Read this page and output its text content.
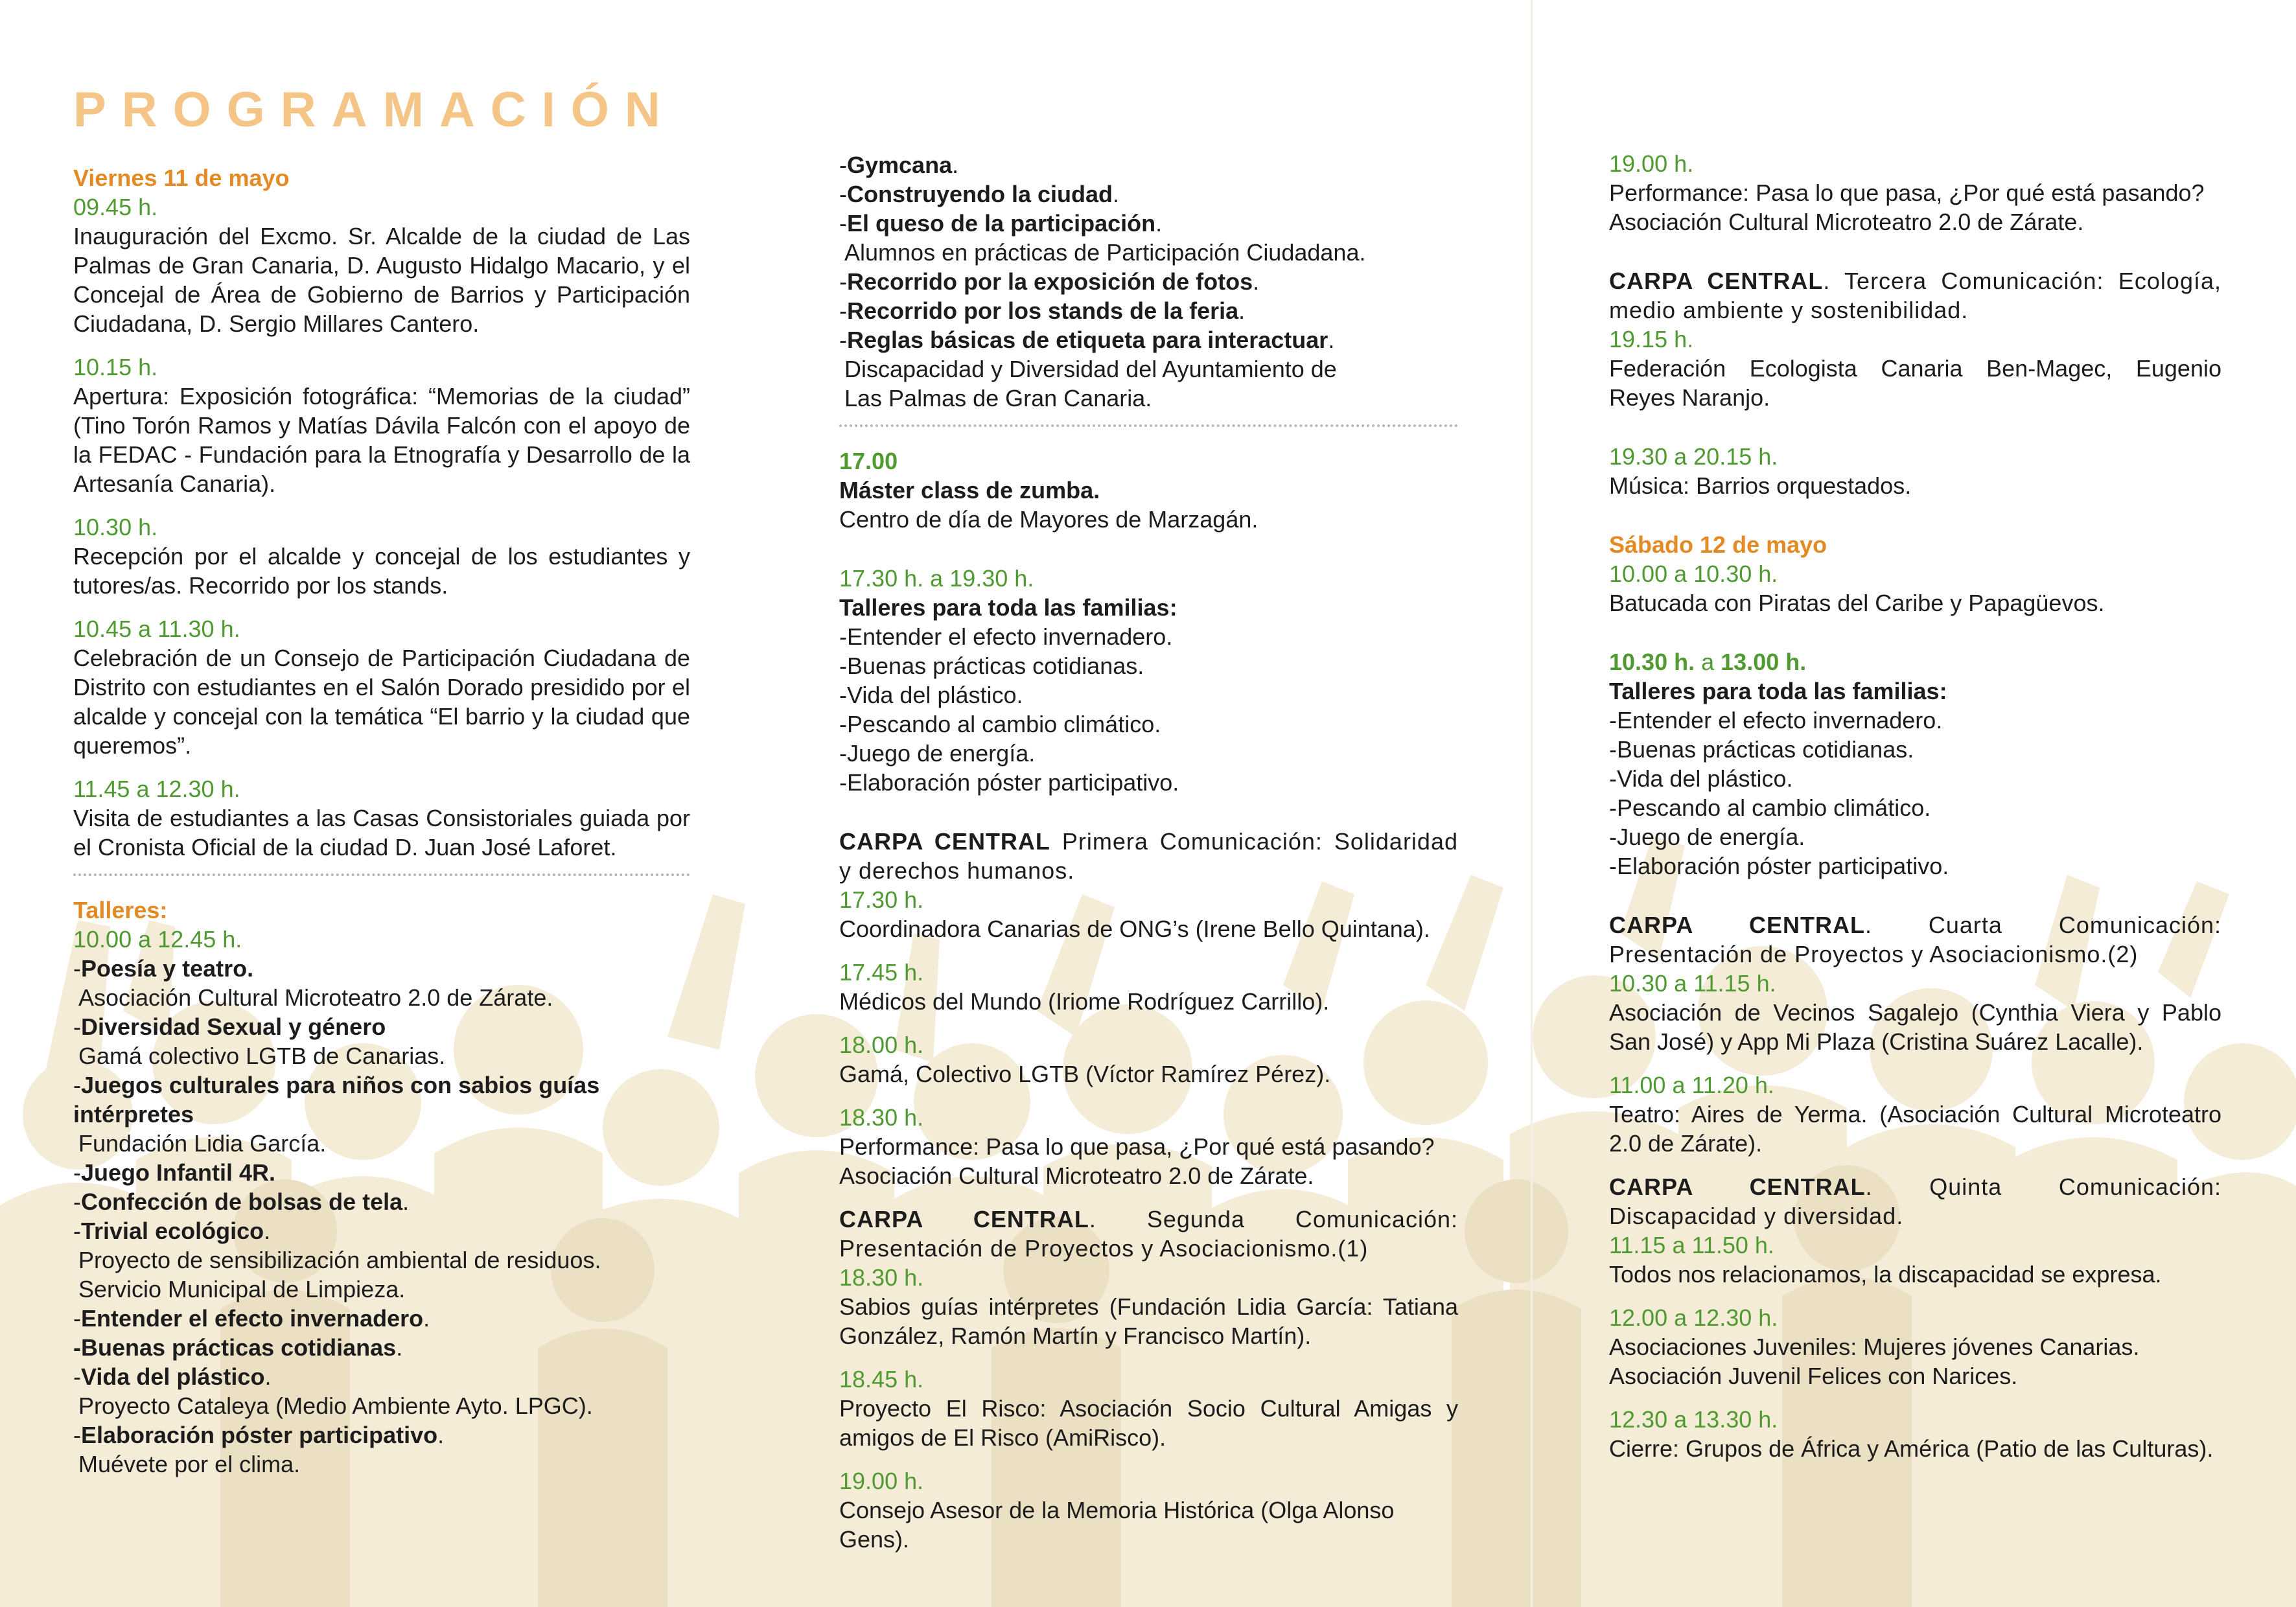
PROGRAMACIÓN
Viernes 11 de mayo
09.45 h.
Inauguración del Excmo. Sr. Alcalde de la ciudad de Las Palmas de Gran Canaria, D. Augusto Hidalgo Macario, y el Concejal de Área de Gobierno de Barrios y Participación Ciudadana, D. Sergio Millares Cantero.
10.15 h.
Apertura: Exposición fotográfica: “Memorias de la ciudad” (Tino Torón Ramos y Matías Dávila Falcón con el apoyo de la FEDAC - Fundación para la Etnografía y Desarrollo de la Artesanía Canaria).
10.30 h.
Recepción por el alcalde y concejal de los estudiantes y tutores/as. Recorrido por los stands.
10.45 a 11.30 h.
Celebración de un Consejo de Participación Ciudadana de Distrito con estudiantes en el Salón Dorado presidido por el alcalde y concejal con la temática “El barrio y la ciudad que queremos”.
11.45 a 12.30 h.
Visita de estudiantes a las Casas Consistoriales guiada por el Cronista Oficial de la ciudad D. Juan José Laforet.
Talleres:
10.00 a 12.45 h.
-Poesía y teatro.
Asociación Cultural Microteatro 2.0 de Zárate.
-Diversidad Sexual y género
Gamá colectivo LGTB de Canarias.
-Juegos culturales para niños con sabios guías intérpretes
Fundación Lidia García.
-Juego Infantil 4R.
-Confección de bolsas de tela.
-Trivial ecológico.
Proyecto de sensibilización ambiental de residuos. Servicio Municipal de Limpieza.
-Entender el efecto invernadero.
-Buenas prácticas cotidianas.
-Vida del plástico.
Proyecto Cataleya (Medio Ambiente Ayto. LPGC).
-Elaboración póster participativo.
Muévete por el clima.
-Gymcana.
-Construyendo la ciudad.
-El queso de la participación.
Alumnos en prácticas de Participación Ciudadana.
-Recorrido por la exposición de fotos.
-Recorrido por los stands de la feria.
-Reglas básicas de etiqueta para interactuar.
Discapacidad y Diversidad del Ayuntamiento de
Las Palmas de Gran Canaria.
17.00
Máster class de zumba.
Centro de día de Mayores de Marzagán.
17.30 h. a 19.30 h.
Talleres para toda las familias:
-Entender el efecto invernadero.
-Buenas prácticas cotidianas.
-Vida del plástico.
-Pescando al cambio climático.
-Juego de energía.
-Elaboración póster participativo.
CARPA CENTRAL Primera Comunicación: Solidaridad y derechos humanos.
17.30 h.
Coordinadora Canarias de ONG’s (Irene Bello Quintana).
17.45 h.
Médicos del Mundo (Iriome Rodríguez Carrillo).
18.00 h.
Gamá, Colectivo LGTB (Víctor Ramírez Pérez).
18.30 h.
Performance: Pasa lo que pasa, ¿Por qué está pasando?
Asociación Cultural Microteatro 2.0 de Zárate.
CARPA CENTRAL. Segunda Comunicación: Presentación de Proyectos y Asociacionismo.(1)
18.30 h.
Sabios guías intérpretes (Fundación Lidia García: Tatiana González, Ramón Martín y Francisco Martín).
18.45 h.
Proyecto El Risco: Asociación Socio Cultural Amigas y amigos de El Risco (AmiRisco).
19.00 h.
Consejo Asesor de la Memoria Histórica (Olga Alonso Gens).
19.00 h.
Performance: Pasa lo que pasa, ¿Por qué está pasando?
Asociación Cultural Microteatro 2.0 de Zárate.
CARPA CENTRAL. Tercera Comunicación: Ecología, medio ambiente y sostenibilidad.
19.15 h.
Federación Ecologista Canaria Ben-Magec, Eugenio Reyes Naranjo.
19.30 a 20.15 h.
Música: Barrios orquestados.
Sábado 12 de mayo
10.00 a 10.30 h.
Batucada con Piratas del Caribe y Papagüevos.
10.30 h. a 13.00 h.
Talleres para toda las familias:
-Entender el efecto invernadero.
-Buenas prácticas cotidianas.
-Vida del plástico.
-Pescando al cambio climático.
-Juego de energía.
-Elaboración póster participativo.
CARPA CENTRAL. Cuarta Comunicación: Presentación de Proyectos y Asociacionismo.(2)
10.30 a 11.15 h.
Asociación de Vecinos Sagalejo (Cynthia Viera y Pablo San José) y App Mi Plaza (Cristina Suárez Lacalle).
11.00 a 11.20 h.
Teatro: Aires de Yerma. (Asociación Cultural Microteatro 2.0 de Zárate).
CARPA CENTRAL. Quinta Comunicación: Discapacidad y diversidad.
11.15 a 11.50 h.
Todos nos relacionamos, la discapacidad se expresa.
12.00 a 12.30 h.
Asociaciones Juveniles: Mujeres jóvenes Canarias.
Asociación Juvenil Felices con Narices.
12.30 a 13.30 h.
Cierre: Grupos de África y América (Patio de las Culturas).
